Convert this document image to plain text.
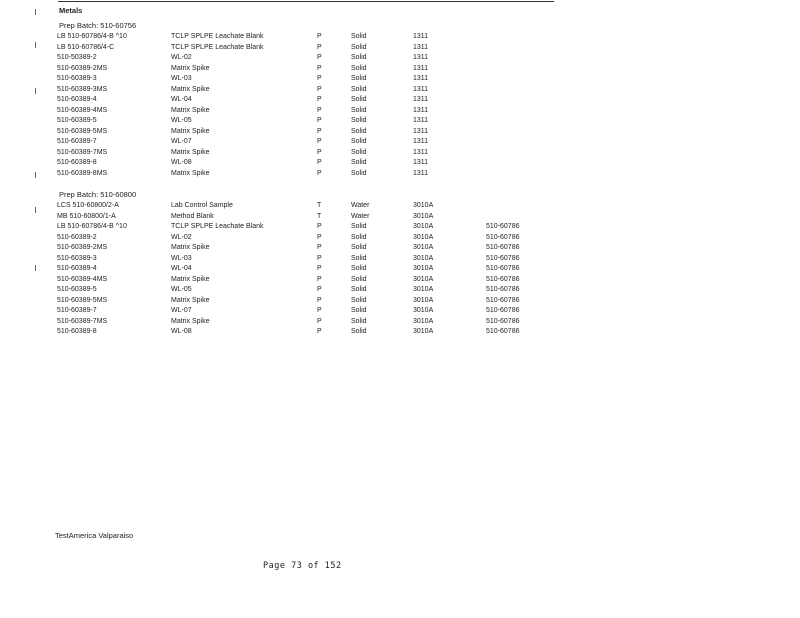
Metals
Prep Batch: 510-60756
LB 510-60786/4-B ^10	TCLP SPLPE Leachate Blank	P	Solid	1311
LB 510-60786/4-C	TCLP SPLPE Leachate Blank	P	Solid	1311
510-50389-2	WL-02	P	Solid	1311
510-60389-2MS	Matrix Spike	P	Solid	1311
510-60389-3	WL-03	P	Solid	1311
510-60389-3MS	Matrix Spike	P	Solid	1311
510-60389-4	WL-04	P	Solid	1311
510-60389-4MS	Matrix Spike	P	Solid	1311
510-60389-5	WL-05	P	Solid	1311
510-60389-5MS	Matrix Spike	P	Solid	1311
510-60389-7	WL-07	P	Solid	1311
510-60389-7MS	Matrix Spike	P	Solid	1311
510-60389-8	WL-08	P	Solid	1311
510-60389-8MS	Matrix Spike	P	Solid	1311
Prep Batch: 510-60800
LCS 510-60800/2-A	Lab Control Sample	T	Water	3010A
MB 510-60800/1-A	Method Blank	T	Water	3010A
LB 510-60786/4-B ^10	TCLP SPLPE Leachate Blank	P	Solid	3010A	510-60786
510-60389-2	WL-02	P	Solid	3010A	510-60786
510-60389-2MS	Matrix Spike	P	Solid	3010A	510-60786
510-60389-3	WL-03	P	Solid	3010A	510-60786
510-60389-4	WL-04	P	Solid	3010A	510-60786
510-60389-4MS	Matrix Spike	P	Solid	3010A	510-60786
510-60389-5	WL-05	P	Solid	3010A	510-60786
510-60389-5MS	Matrix Spike	P	Solid	3010A	510-60786
510-60389-7	WL-07	P	Solid	3010A	510-60786
510-60389-7MS	Matrix Spike	P	Solid	3010A	510-60786
510-60389-8	WL-08	P	Solid	3010A	510-60786
TestAmerica Valparaiso
Page 73 of 152
